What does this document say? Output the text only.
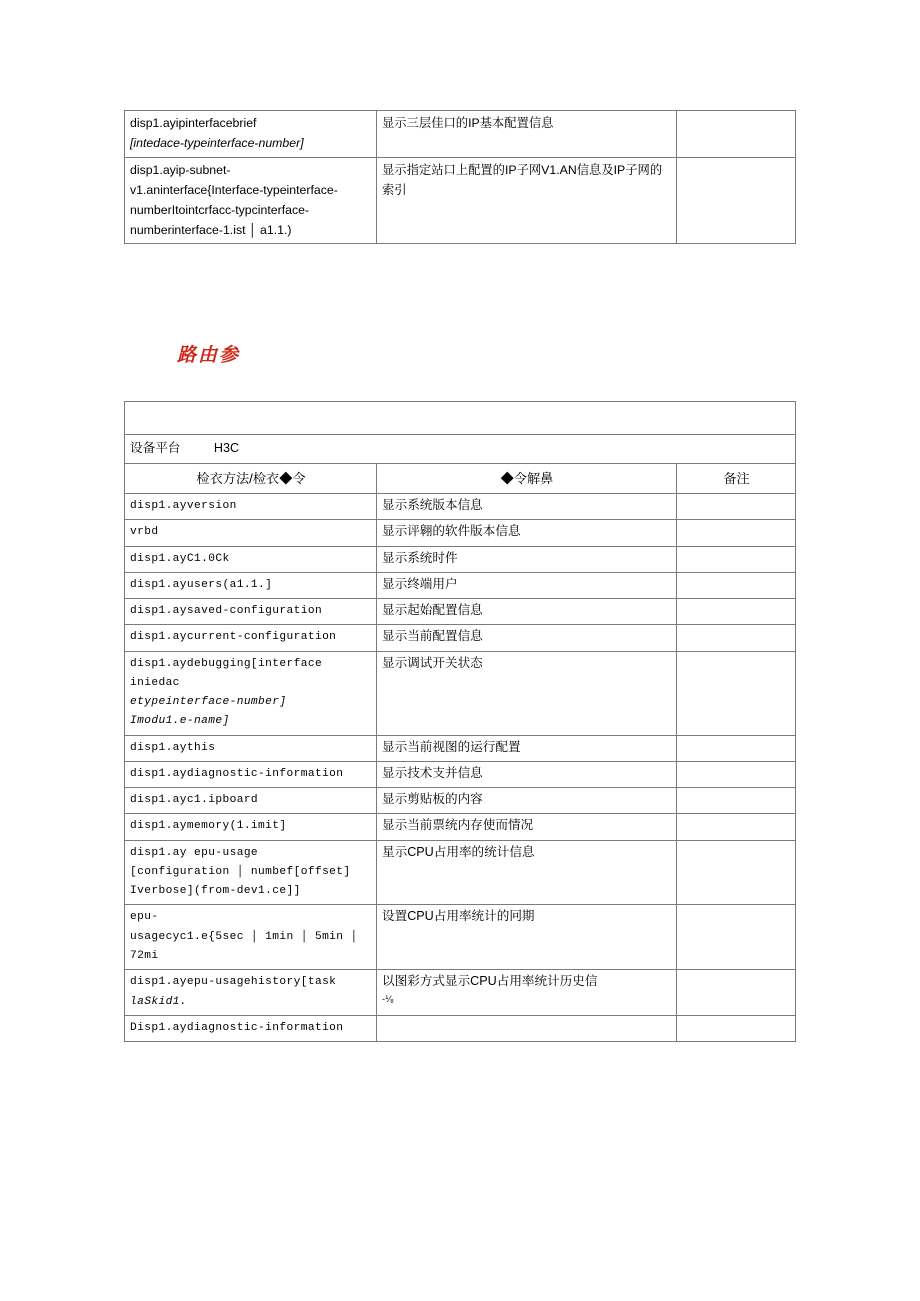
disp1.ayipinterfacebrief
[intedace-typeinterface-number]	显示三层佳口的IP基本配置信息	

disp1.ayip-subnet-
v1.aninterface{Interface-typeinterface-
numberItointcrfacc-typcinterface-
numberinterface-1.ist │ a1.1.)	显示指定站口上配置的IP子网V1.AN信息及IP子网的索引	
路由参

设备平台 H3C		
检衣方法/检衣◆令	◆令解鼻	备注
disp1.ayversion	显示系统版本信息	
vrbd	显示评翱的软件版本信息	
disp1.ayC1.0Ck	显示系统时件	
disp1.ayusers(a1.1.]	显示终端用户	
disp1.aysaved-configuration	显示起始配置信息	
disp1.aycurrent-configuration	显示当前配置信息	

disp1.aydebugging[interface iniedac
etypeinterface-number]
Imodu1.e-name]	显示调试开关状态	
disp1.aythis	显示当前视图的运行配置	
disp1.aydiagnostic-information	显示技术支并信息	
disp1.ayc1.ipboard	显示剪贴板的内容	
disp1.aymemory(1.imit]	显示当前票统内存使而情况	

disp1.ay epu-usage
[configuration │ numbef[offset]
Iverbose](from-dev1.ce]]	星示CPU占用率的统计信息	

epu-
usagecyc1.e{5sec │ 1min │ 5min │ 72mi	设置CPU占用率统计的冋期	

disp1.ayepu-usagehistory[task
laSkid1.	以图彩方式显示CPU占用率统计历史信
-⅟₈	

Disp1.aydiagnostic-information		
